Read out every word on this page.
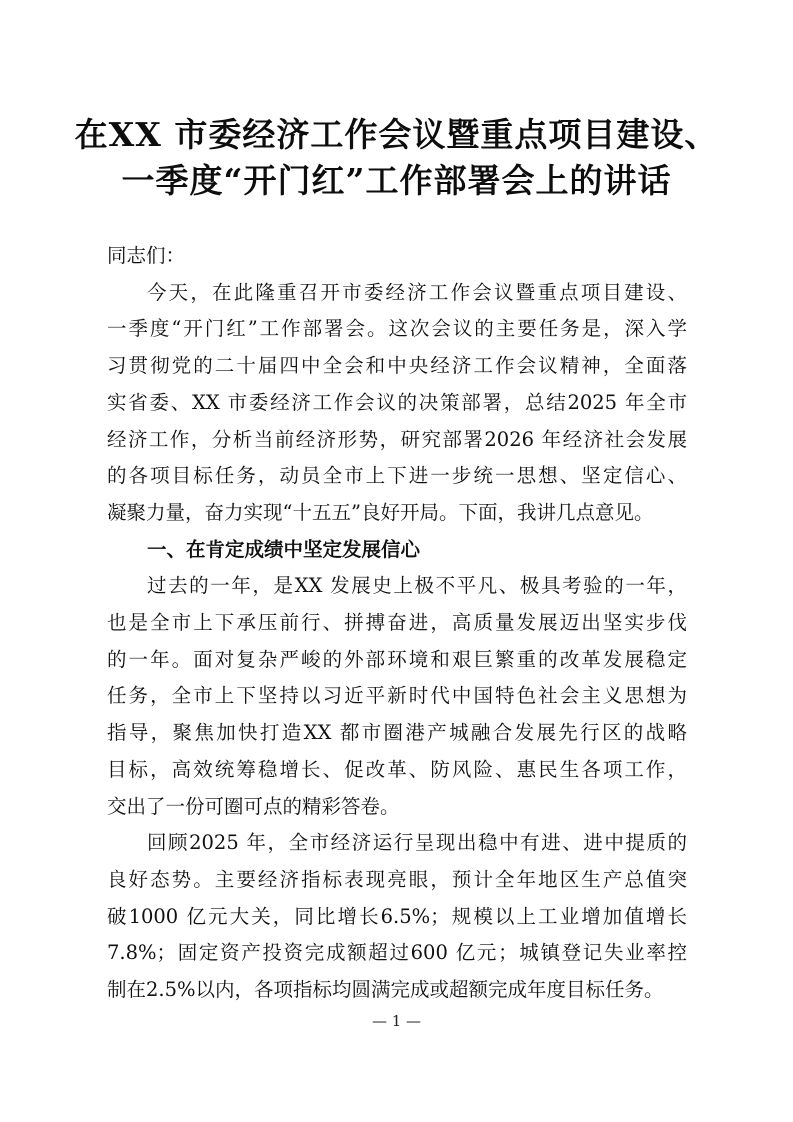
在XX 市委经济工作会议暨重点项目建设、
一季度“开门红”工作部署会上的讲话
同志们：
今天，在此隆重召开市委经济工作会议暨重点项目建设、
一季度“开门红”工作部署会。这次会议的主要任务是，深入学
习贯彻党的二十届四中全会和中央经济工作会议精神，全面落
实省委、XX 市委经济工作会议的决策部署，总结2025 年全市
经济工作，分析当前经济形势，研究部署2026 年经济社会发展
的各项目标任务，动员全市上下进一步统一思想、坚定信心、
凝聚力量，奋力实现“十五五”良好开局。下面，我讲几点意见。
一、在肯定成绩中坚定发展信心
过去的一年，是XX 发展史上极不平凡、极具考验的一年，
也是全市上下承压前行、拼搏奋进，高质量发展迈出坚实步伐
的一年。面对复杂严峻的外部环境和艰巨繁重的改革发展稳定
任务，全市上下坚持以习近平新时代中国特色社会主义思想为
指导，聚焦加快打造XX 都市圈港产城融合发展先行区的战略
目标，高效统筹稳增长、促改革、防风险、惠民生各项工作，
交出了一份可圈可点的精彩答卷。
回顾2025 年，全市经济运行呈现出稳中有进、进中提质的
良好态势。主要经济指标表现亮眼，预计全年地区生产总值突
破1000 亿元大关，同比增长6.5%；规模以上工业增加值增长
7.8%；固定资产投资完成额超过600 亿元；城镇登记失业率控
制在2.5%以内，各项指标均圆满完成或超额完成年度目标任务。
— 1 —
